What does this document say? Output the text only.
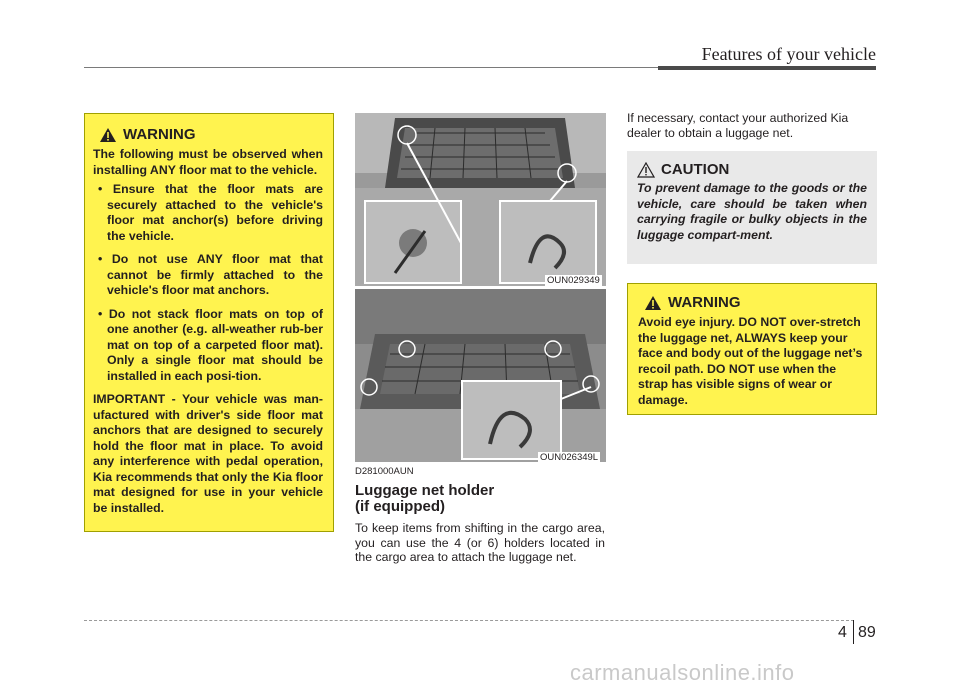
Features of your vehicle
WARNING

The following must be observed when installing ANY floor mat to the vehicle.

• Ensure that the floor mats are securely attached to the vehicle's floor mat anchor(s) before driving the vehicle.
• Do not use ANY floor mat that cannot be firmly attached to the vehicle's floor mat anchors.
• Do not stack floor mats on top of one another (e.g. all-weather rub-ber mat on top of a carpeted floor mat). Only a single floor mat should be installed in each posi-tion.

IMPORTANT - Your vehicle was man-ufactured with driver's side floor mat anchors that are designed to securely hold the floor mat in place. To avoid any interference with pedal operation, Kia recommends that only the Kia floor mat designed for use in your vehicle be installed.

OUN029349
OUN026349L

D281000AUN

Luggage net holder
(if equipped)

To keep items from shifting in the cargo area, you can use the 4 (or 6) holders located in the cargo area to attach the luggage net.

If necessary, contact your authorized Kia dealer to obtain a luggage net.
CAUTION

To prevent damage to the goods or the vehicle, care should be taken when carrying fragile or bulky objects in the luggage compart-ment.

WARNING

Avoid eye injury. DO NOT over-stretch the luggage net, ALWAYS keep your face and body out of the luggage net’s recoil path. DO NOT use when the strap has visible signs of wear or damage.

4 89
carmanualsonline.info
